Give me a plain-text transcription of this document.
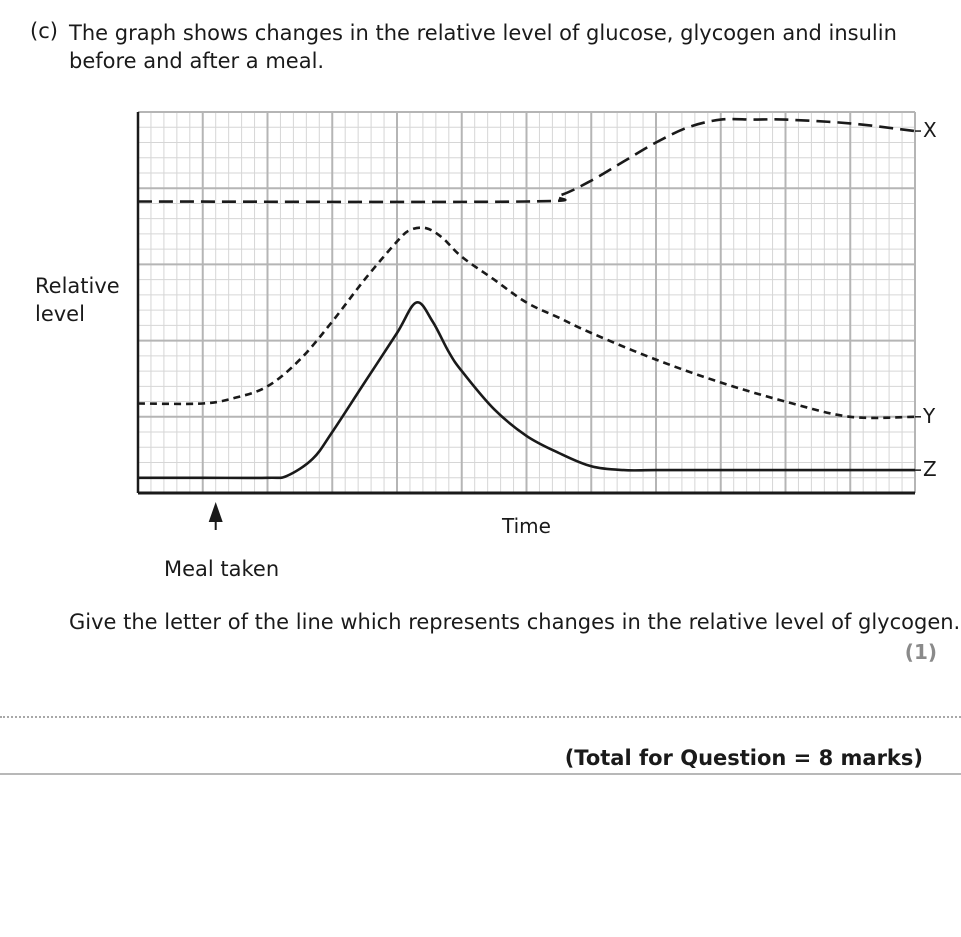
(c) The graph shows changes in the relative level of glucose, glycogen and insulin
before and after a meal.
Relative
level
Time
Meal taken
X
Y
Z
Give the letter of the line which represents changes in the relative level of glycogen.
(1)
(Total for Question = 8 marks)
